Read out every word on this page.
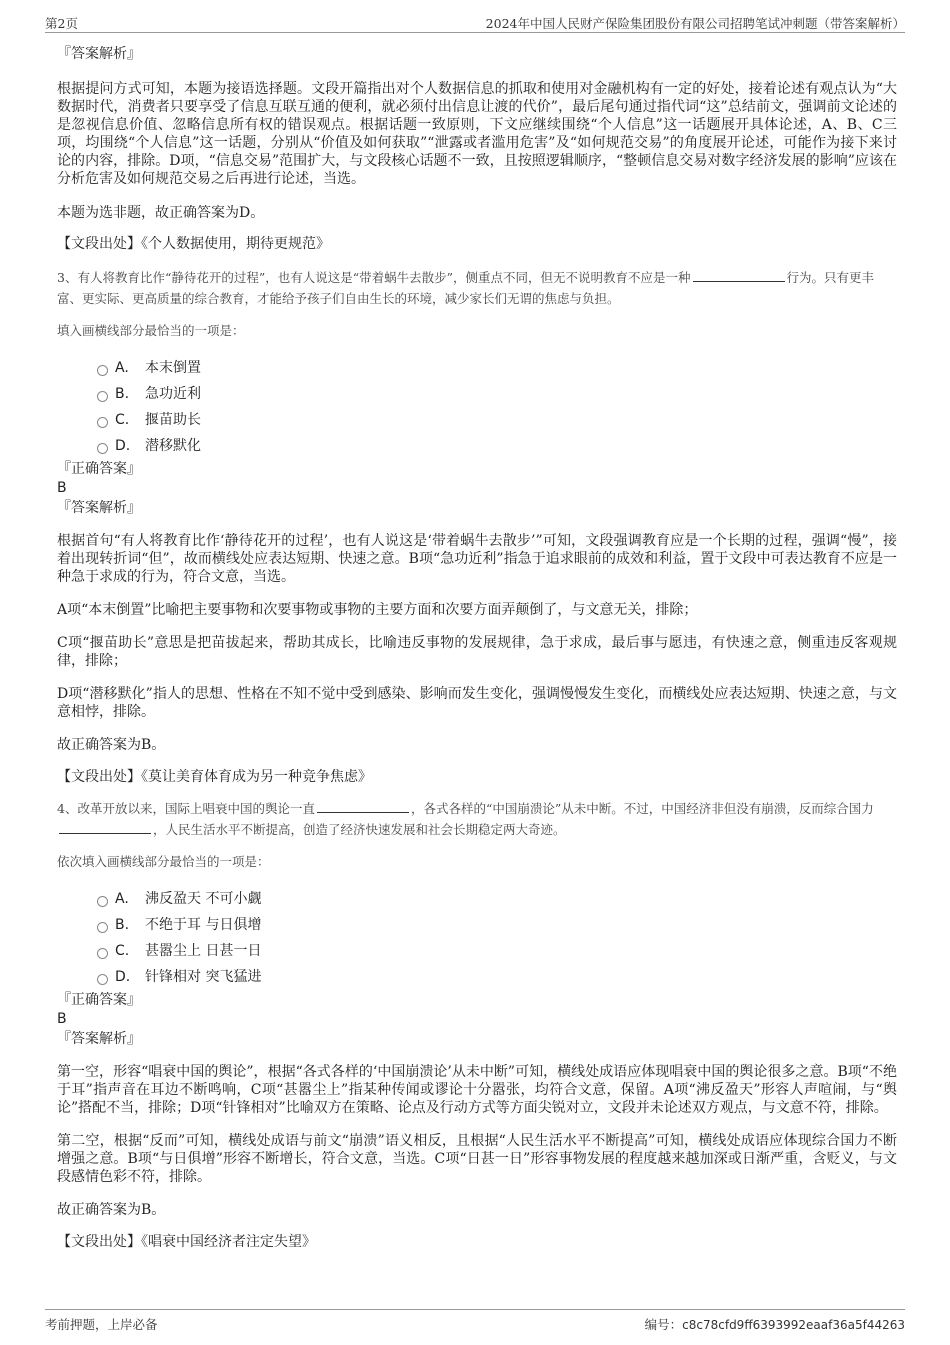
第2页	2024年中国人民财产保险集团股份有限公司招聘笔试冲刺题（带答案解析）

『答案解析』

根据提问方式可知，本题为接语选择题。文段开篇指出对个人数据信息的抓取和使用对金融机构有一定的好处，接着论述有观点认为“大数据时代，消费者只要享受了信息互联互通的便利，就必须付出信息让渡的代价”，最后尾句通过指代词“这”总结前文，强调前文论述的是忽视信息价值、忽略信息所有权的错误观点。根据话题一致原则，下文应继续围绕“个人信息”这一话题展开具体论述，A、B、C三项，均围绕“个人信息”这一话题，分别从“价值及如何获取”“泄露或者滥用危害”及“如何规范交易”的角度展开论述，可能作为接下来讨论的内容，排除。D项，“信息交易”范围扩大，与文段核心话题不一致，且按照逻辑顺序，“整顿信息交易对数字经济发展的影响”应该在分析危害及如何规范交易之后再进行论述，当选。

本题为选非题，故正确答案为D。

【文段出处】《个人数据使用，期待更规范》

3、有人将教育比作“静待花开的过程”，也有人说这是“带着蜗牛去散步”，侧重点不同，但无不说明教育不应是一种	行为。只有更丰富、更实际、更高质量的综合教育，才能给予孩子们自由生长的环境，减少家长们无谓的焦虑与负担。

填入画横线部分最恰当的一项是：

A. 本末倒置
B. 急功近利
C. 揠苗助长
D. 潜移默化

『正确答案』

B

『答案解析』

根据首句“有人将教育比作‘静待花开的过程’，也有人说这是‘带着蜗牛去散步’”可知，文段强调教育应是一个长期的过程，强调“慢”，接着出现转折词“但”，故而横线处应表达短期、快速之意。B项“急功近利”指急于追求眼前的成效和利益，置于文段中可表达教育不应是一种急于求成的行为，符合文意，当选。

A项“本末倒置”比喻把主要事物和次要事物或事物的主要方面和次要方面弄颠倒了，与文意无关，排除；

C项“揠苗助长”意思是把苗拔起来，帮助其成长，比喻违反事物的发展规律，急于求成，最后事与愿违，有快速之意，侧重违反客观规律，排除；

D项“潜移默化”指人的思想、性格在不知不觉中受到感染、影响而发生变化，强调慢慢发生变化，而横线处应表达短期、快速之意，与文意相悖，排除。

故正确答案为B。

【文段出处】《莫让美育体育成为另一种竞争焦虑》

4、改革开放以来，国际上唱衰中国的舆论一直	，各式各样的“中国崩溃论”从未中断。不过，中国经济非但没有崩溃，反而综合国力，人民生活水平不断提高，创造了经济快速发展和社会长期稳定两大奇迹。

依次填入画横线部分最恰当的一项是：

A. 沸反盈天 不可小觑
B. 不绝于耳 与日俱增
C. 甚嚣尘上 日甚一日
D. 针锋相对 突飞猛进

『正确答案』

B

『答案解析』

第一空，形容“唱衰中国的舆论”，根据“各式各样的‘中国崩溃论’从未中断”可知，横线处成语应体现唱衰中国的舆论很多之意。B项“不绝于耳”指声音在耳边不断鸣响，C项“甚嚣尘上”指某种传闻或谬论十分嚣张，均符合文意，保留。A项“沸反盈天”形容人声喧闹，与“舆论”搭配不当，排除；D项“针锋相对”比喻双方在策略、论点及行动方式等方面尖锐对立，文段并未论述双方观点，与文意不符，排除。

第二空，根据“反而”可知，横线处成语与前文“崩溃”语义相反，且根据“人民生活水平不断提高”可知，横线处成语应体现综合国力不断增强之意。B项“与日俱增”形容不断增长，符合文意，当选。C项“日甚一日”形容事物发展的程度越来越加深或日渐严重，含贬义，与文段感情色彩不符，排除。

故正确答案为B。

【文段出处】《唱衰中国经济者注定失望》

考前押题，上岸必备	编号：c8c78cfd9ff6393992eaaf36a5f44263
